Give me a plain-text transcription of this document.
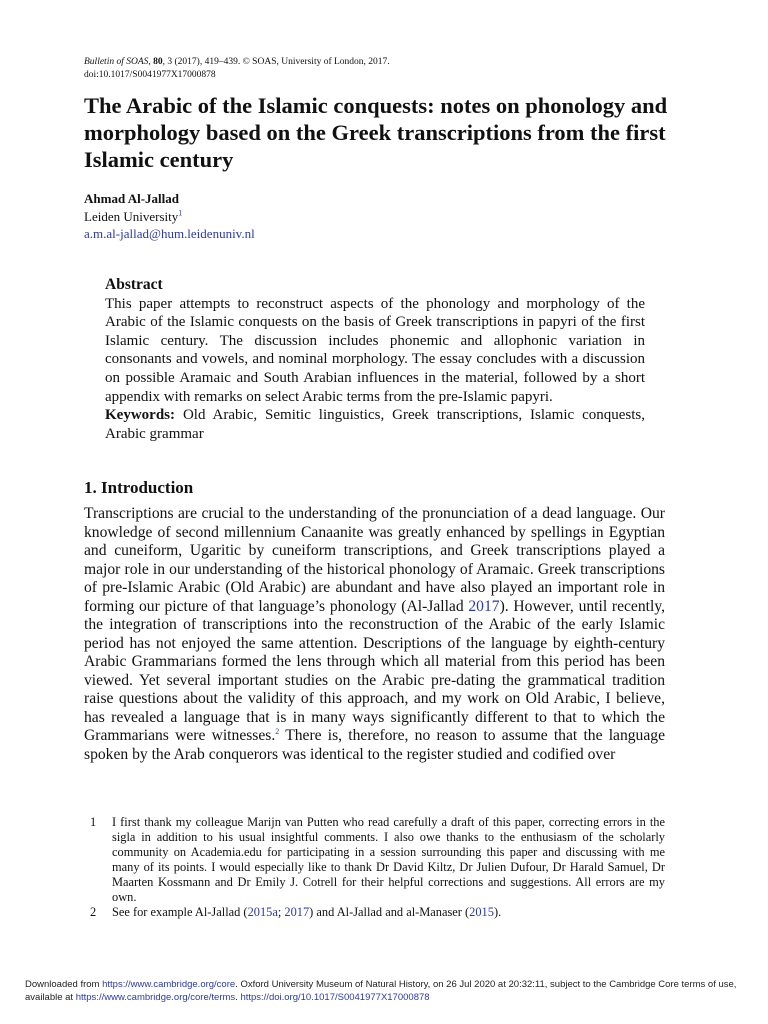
Bulletin of SOAS, 80, 3 (2017), 419–439. © SOAS, University of London, 2017.
doi:10.1017/S0041977X17000878
The Arabic of the Islamic conquests: notes on phonology and morphology based on the Greek transcriptions from the first Islamic century
Ahmad Al-Jallad
Leiden University$^1$
a.m.al-jallad@hum.leidenuniv.nl
Abstract

This paper attempts to reconstruct aspects of the phonology and morphology of the Arabic of the Islamic conquests on the basis of Greek transcriptions in papyri of the first Islamic century. The discussion includes phonemic and allophonic variation in consonants and vowels, and nominal morphology. The essay concludes with a discussion on possible Aramaic and South Arabian influences in the material, followed by a short appendix with remarks on select Arabic terms from the pre-Islamic papyri.

Keywords: Old Arabic, Semitic linguistics, Greek transcriptions, Islamic conquests, Arabic grammar

1. Introduction

Transcriptions are crucial to the understanding of the pronunciation of a dead language. Our knowledge of second millennium Canaanite was greatly enhanced by spellings in Egyptian and cuneiform, Ugaritic by cuneiform transcriptions, and Greek transcriptions played a major role in our understanding of the historical phonology of Aramaic. Greek transcriptions of pre-Islamic Arabic (Old Arabic) are abundant and have also played an important role in forming our picture of that language’s phonology (Al-Jallad 2017). However, until recently, the integration of transcriptions into the reconstruction of the Arabic of the early Islamic period has not enjoyed the same attention. Descriptions of the language by eighth-century Arabic Grammarians formed the lens through which all material from this period has been viewed. Yet several important studies on the Arabic pre-dating the grammatical tradition raise questions about the validity of this approach, and my work on Old Arabic, I believe, has revealed a language that is in many ways significantly different to that to which the Grammarians were witnesses.$^2$ There is, therefore, no reason to assume that the language spoken by the Arab conquerors was identical to the register studied and codified over

1	I first thank my colleague Marijn van Putten who read carefully a draft of this paper, correcting errors in the sigla in addition to his usual insightful comments. I also owe thanks to the enthusiasm of the scholarly community on Academia.edu for participating in a session surrounding this paper and discussing with me many of its points. I would especially like to thank Dr David Kiltz, Dr Julien Dufour, Dr Harald Samuel, Dr Maarten Kossmann and Dr Emily J. Cotrell for their helpful corrections and suggestions. All errors are my own.
2	See for example Al-Jallad (2015a; 2017) and Al-Jallad and al-Manaser (2015).
Downloaded from https://www.cambridge.org/core. Oxford University Museum of Natural History, on 26 Jul 2020 at 20:32:11, subject to the Cambridge Core terms of use, available at https://www.cambridge.org/core/terms. https://doi.org/10.1017/S0041977X17000878
